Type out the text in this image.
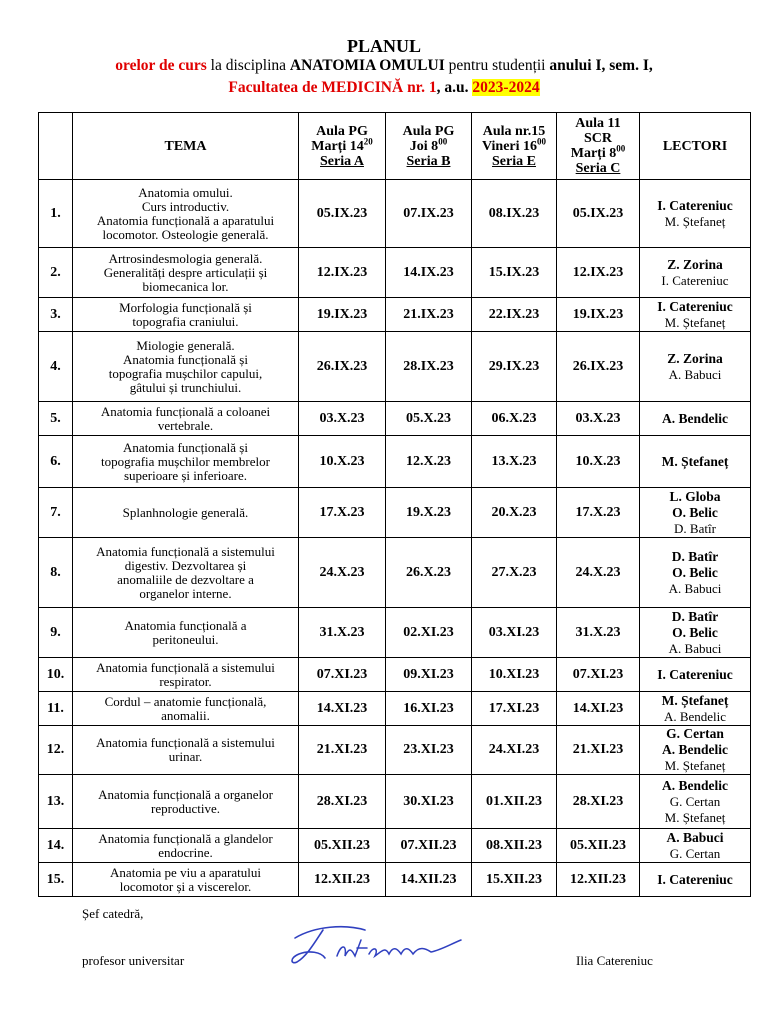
PLANUL
orelor de curs la disciplina ANATOMIA OMULUI pentru studenții anului I, sem. I,
Facultatea de MEDICINĂ nr. 1, a.u. 2023-2024
	TEMA	Aula PG
Marți $14^{20}$
Seria A	Aula PG
Joi $8^{00}$
Seria B	Aula nr.15
Vineri $16^{00}$
Seria E	Aula 11
SCR
Marți $8^{00}$
Seria C	LECTORI
1.	Anatomia omului.
Curs introductiv.
Anatomia funcțională a aparatului
locomotor. Osteologie generală.	05.IX.23	07.IX.23	08.IX.23	05.IX.23	I. Catereniuc
M. Ștefaneț

2.	Artrosindesmologia generală.
Generalități despre articulații și
biomecanica lor.	12.IX.23	14.IX.23	15.IX.23	12.IX.23	Z. Zorina
I. Catereniuc

3.	Morfologia funcțională și
topografia craniului.	19.IX.23	21.IX.23	22.IX.23	19.IX.23	I. Catereniuc
M. Ștefaneț

4.	Miologie generală.
Anatomia funcțională și
topografia mușchilor capului,
gâtului și trunchiului.	26.IX.23	28.IX.23	29.IX.23	26.IX.23	Z. Zorina
A. Babuci

5.	Anatomia funcțională a coloanei
vertebrale.	03.X.23	05.X.23	06.X.23	03.X.23	A. Bendelic

6.	Anatomia funcțională și
topografia mușchilor membrelor
superioare și inferioare.	10.X.23	12.X.23	13.X.23	10.X.23	M. Ștefaneț

7.	Splanhnologie generală.	17.X.23	19.X.23	20.X.23	17.X.23	L. Globa
O. Belic
D. Batîr

8.	Anatomia funcțională a sistemului
digestiv. Dezvoltarea și
anomaliile de dezvoltare a
organelor interne.	24.X.23	26.X.23	27.X.23	24.X.23	D. Batîr
O. Belic
A. Babuci

9.	Anatomia funcțională a
peritoneului.	31.X.23	02.XI.23	03.XI.23	31.X.23	D. Batîr
O. Belic
A. Babuci

10.	Anatomia funcțională a sistemului
respirator.	07.XI.23	09.XI.23	10.XI.23	07.XI.23	I. Catereniuc

11.	Cordul – anatomie funcțională,
anomalii.	14.XI.23	16.XI.23	17.XI.23	14.XI.23	M. Ștefaneț
A. Bendelic

12.	Anatomia funcțională a sistemului
urinar.	21.XI.23	23.XI.23	24.XI.23	21.XI.23	G. Certan
A. Bendelic
M. Ștefaneț

13.	Anatomia funcțională a organelor
reproductive.	28.XI.23	30.XI.23	01.XII.23	28.XI.23	A. Bendelic
G. Certan
M. Ștefaneț

14.	Anatomia funcțională a glandelor
endocrine.	05.XII.23	07.XII.23	08.XII.23	05.XII.23	A. Babuci
G. Certan

15.	Anatomia pe viu a aparatului
locomotor și a viscerelor.	12.XII.23	14.XII.23	15.XII.23	12.XII.23	I. Catereniuc
Șef catedră,
profesor universitar	Ilia Catereniuc
